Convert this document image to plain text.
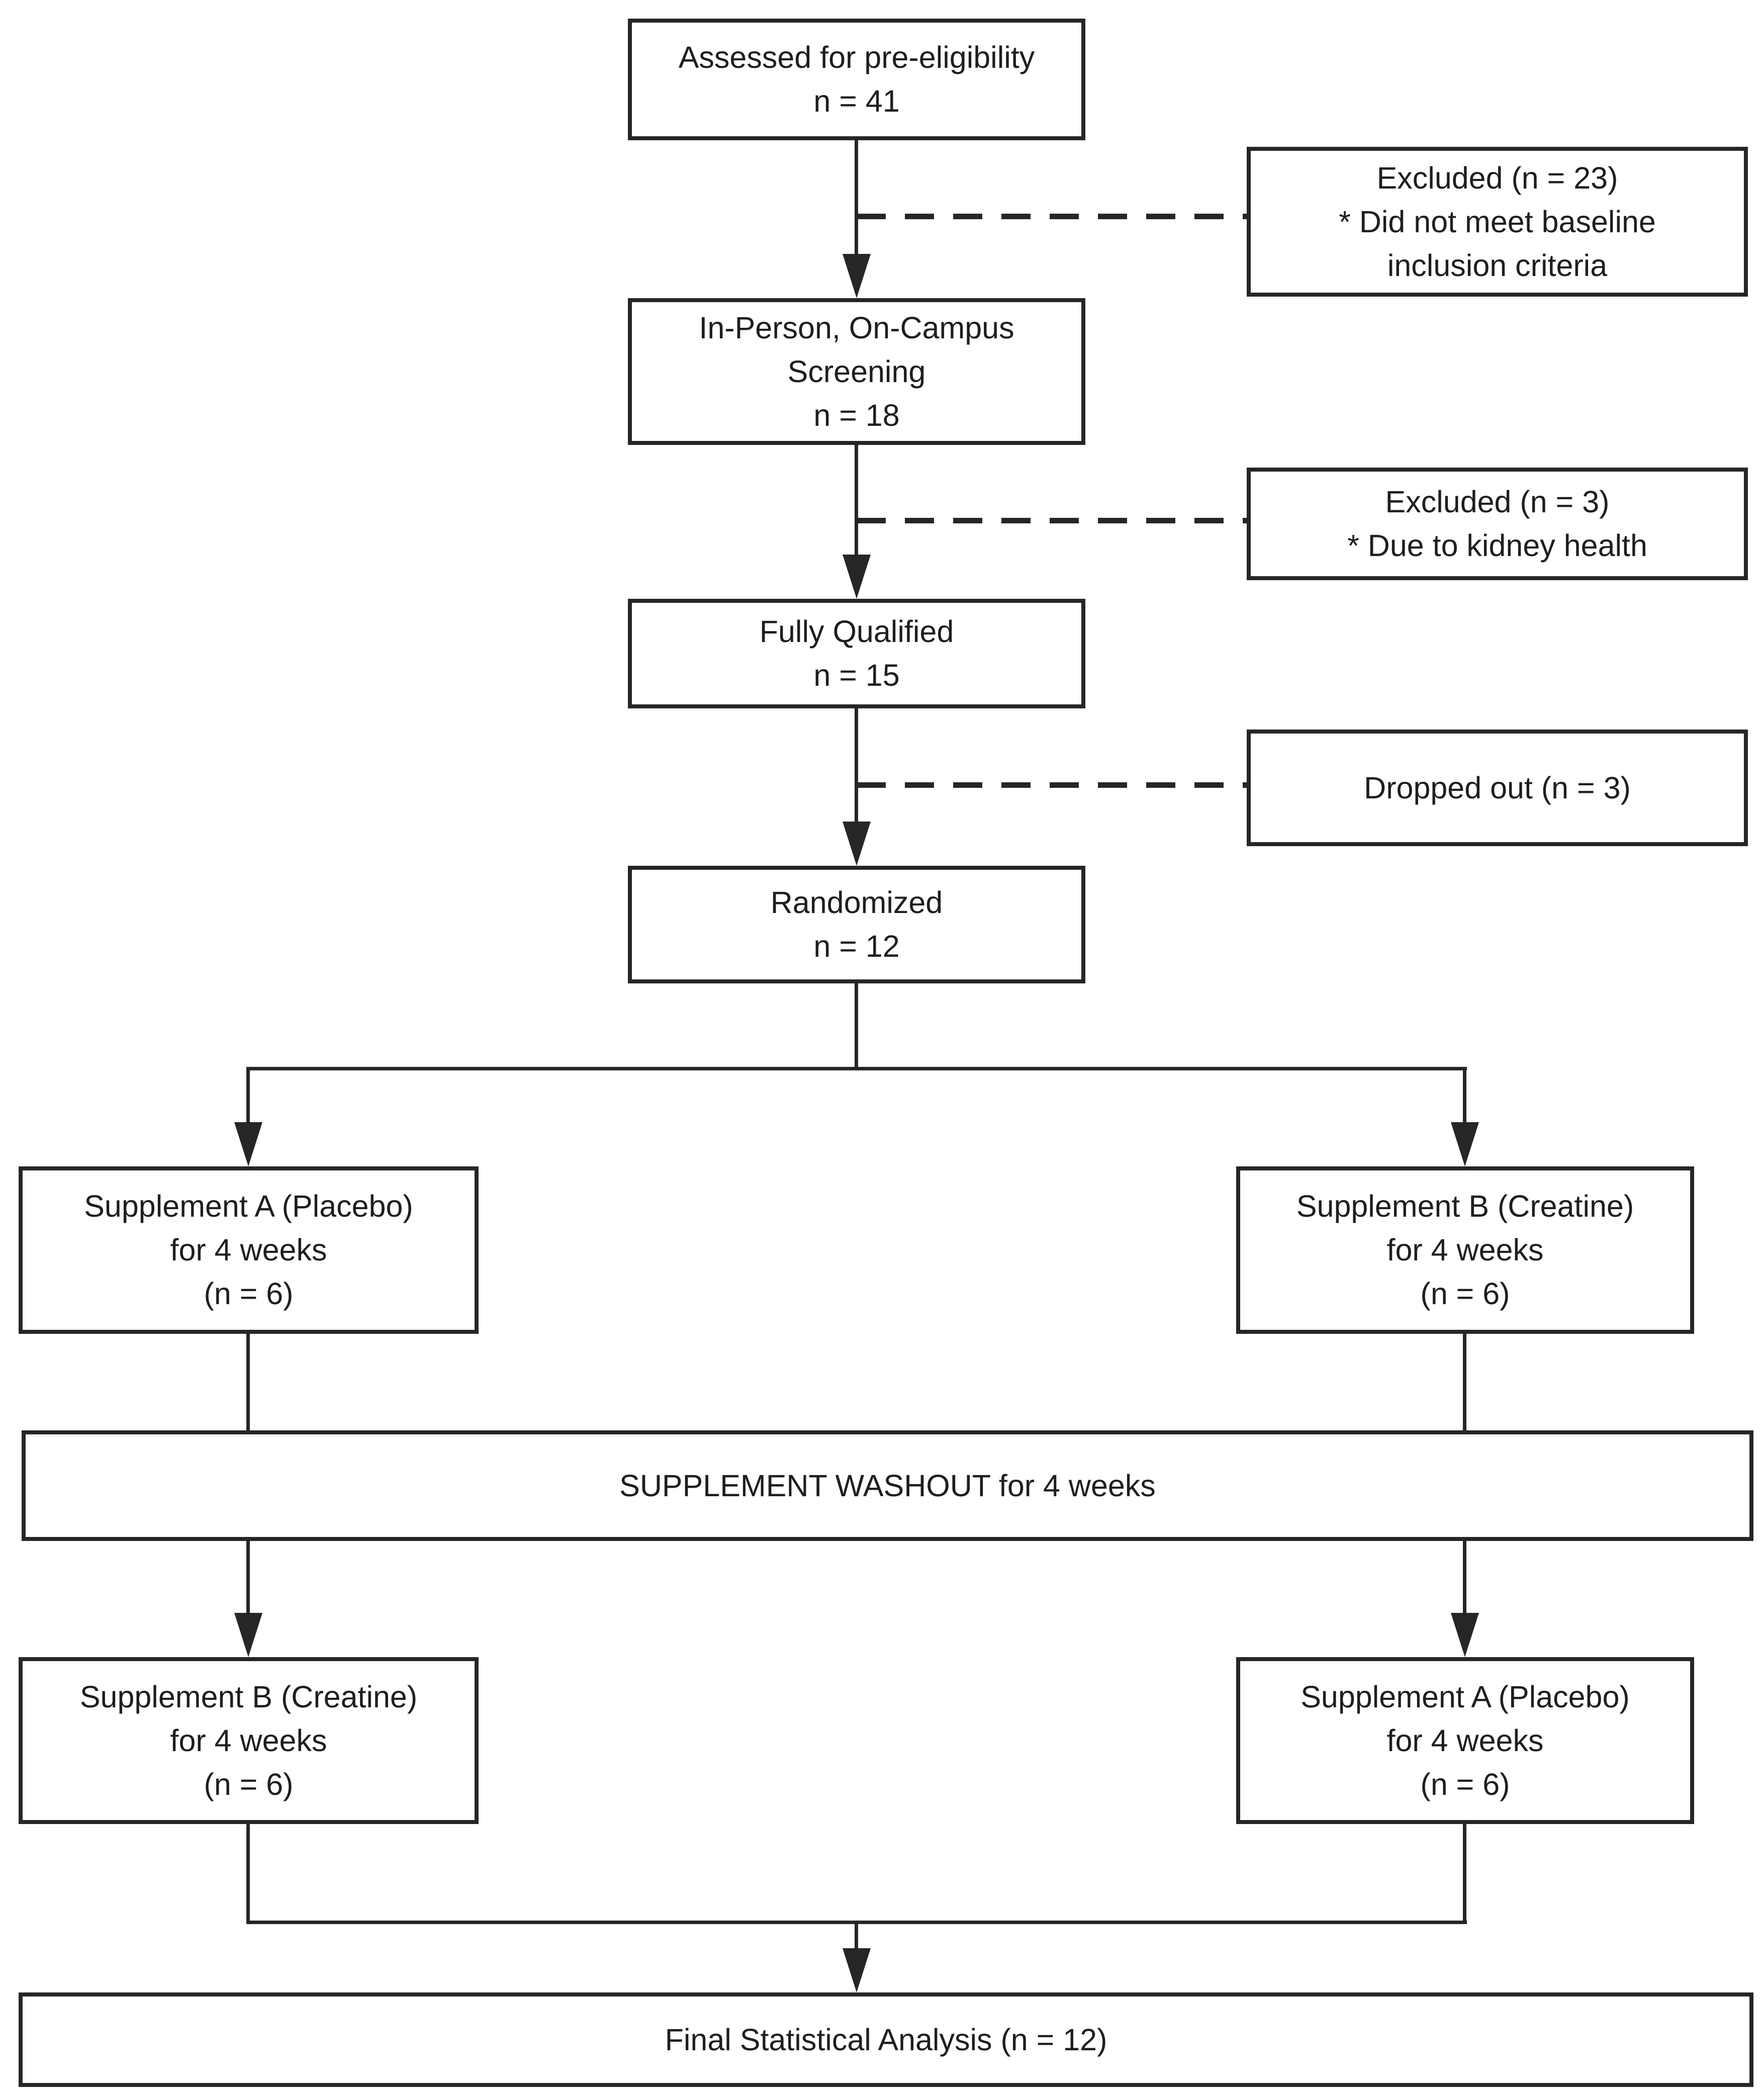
Assessed for pre-eligibility
n = 41
Excluded (n = 23)
* Did not meet baseline
inclusion criteria
In-Person, On-Campus
Screening
n = 18
Excluded (n = 3)
* Due to kidney health
Fully Qualified
n = 15
Dropped out (n = 3)
Randomized
n = 12
Supplement A (Placebo)
for 4 weeks
(n = 6)
Supplement B (Creatine)
for 4 weeks
(n = 6)
SUPPLEMENT WASHOUT for 4 weeks
Supplement B (Creatine)
for 4 weeks
(n = 6)
Supplement A (Placebo)
for 4 weeks
(n = 6)
Final Statistical Analysis (n = 12)
